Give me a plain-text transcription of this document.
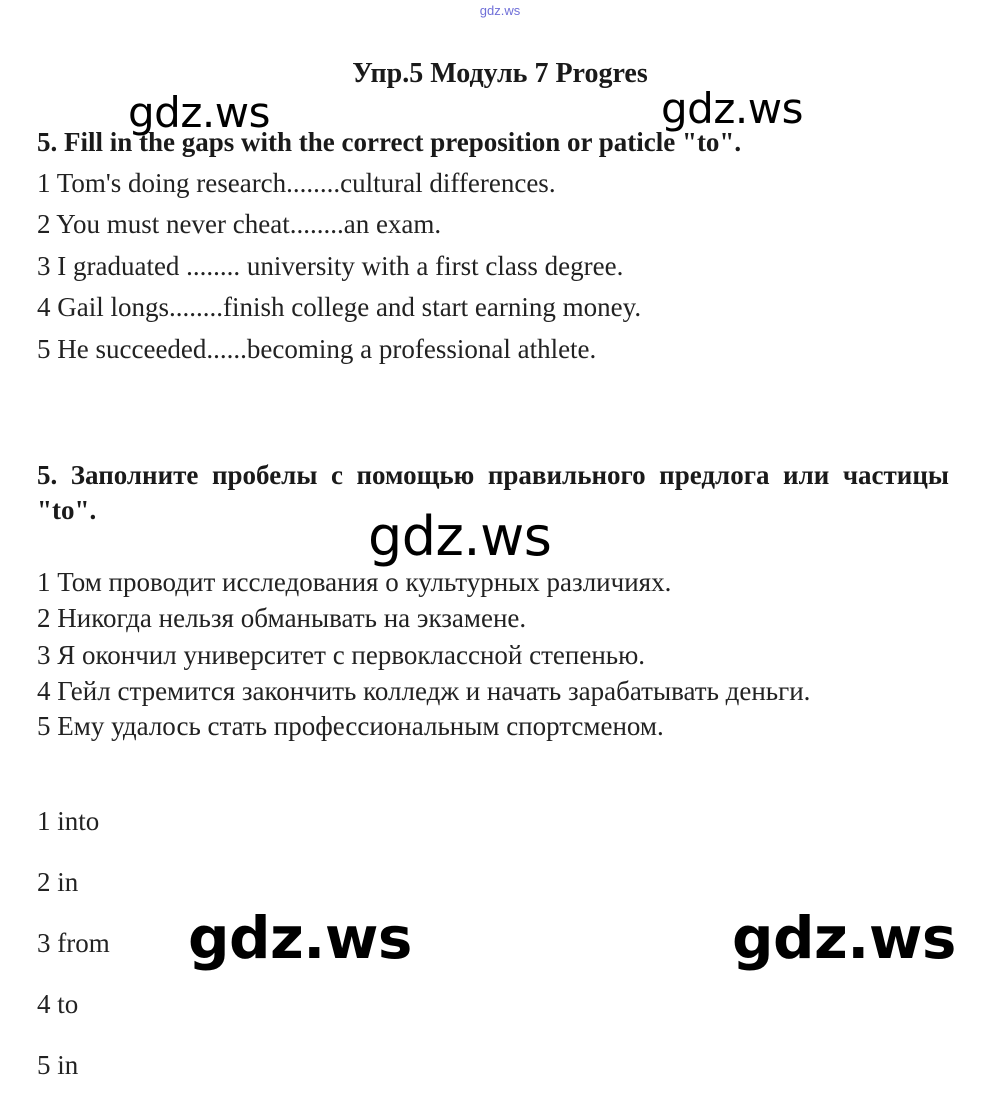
gdz.ws
Упр.5 Модуль 7 Progres
gdz.ws	gdz.ws
5. Fill in the gaps with the correct preposition or paticle "to".
1 Tom's doing research........cultural differences.
2 You must never cheat........an exam.
3 I graduated ........ university with a first class degree.
4 Gail longs........finish college and start earning money.
5 He succeeded......becoming a professional athlete.
5. Заполните пробелы с помощью правильного предлога или частицы "to".	gdz.ws
1 Том проводит исследования о культурных различиях.
2 Никогда нельзя обманывать на экзамене.
3 Я окончил университет с первоклассной степенью.
4 Гейл стремится закончить колледж и начать зарабатывать деньги.
5 Ему удалось стать профессиональным спортсменом.
1 into
2 in
3 from
4 to
5 in
gdz.ws	gdz.ws
